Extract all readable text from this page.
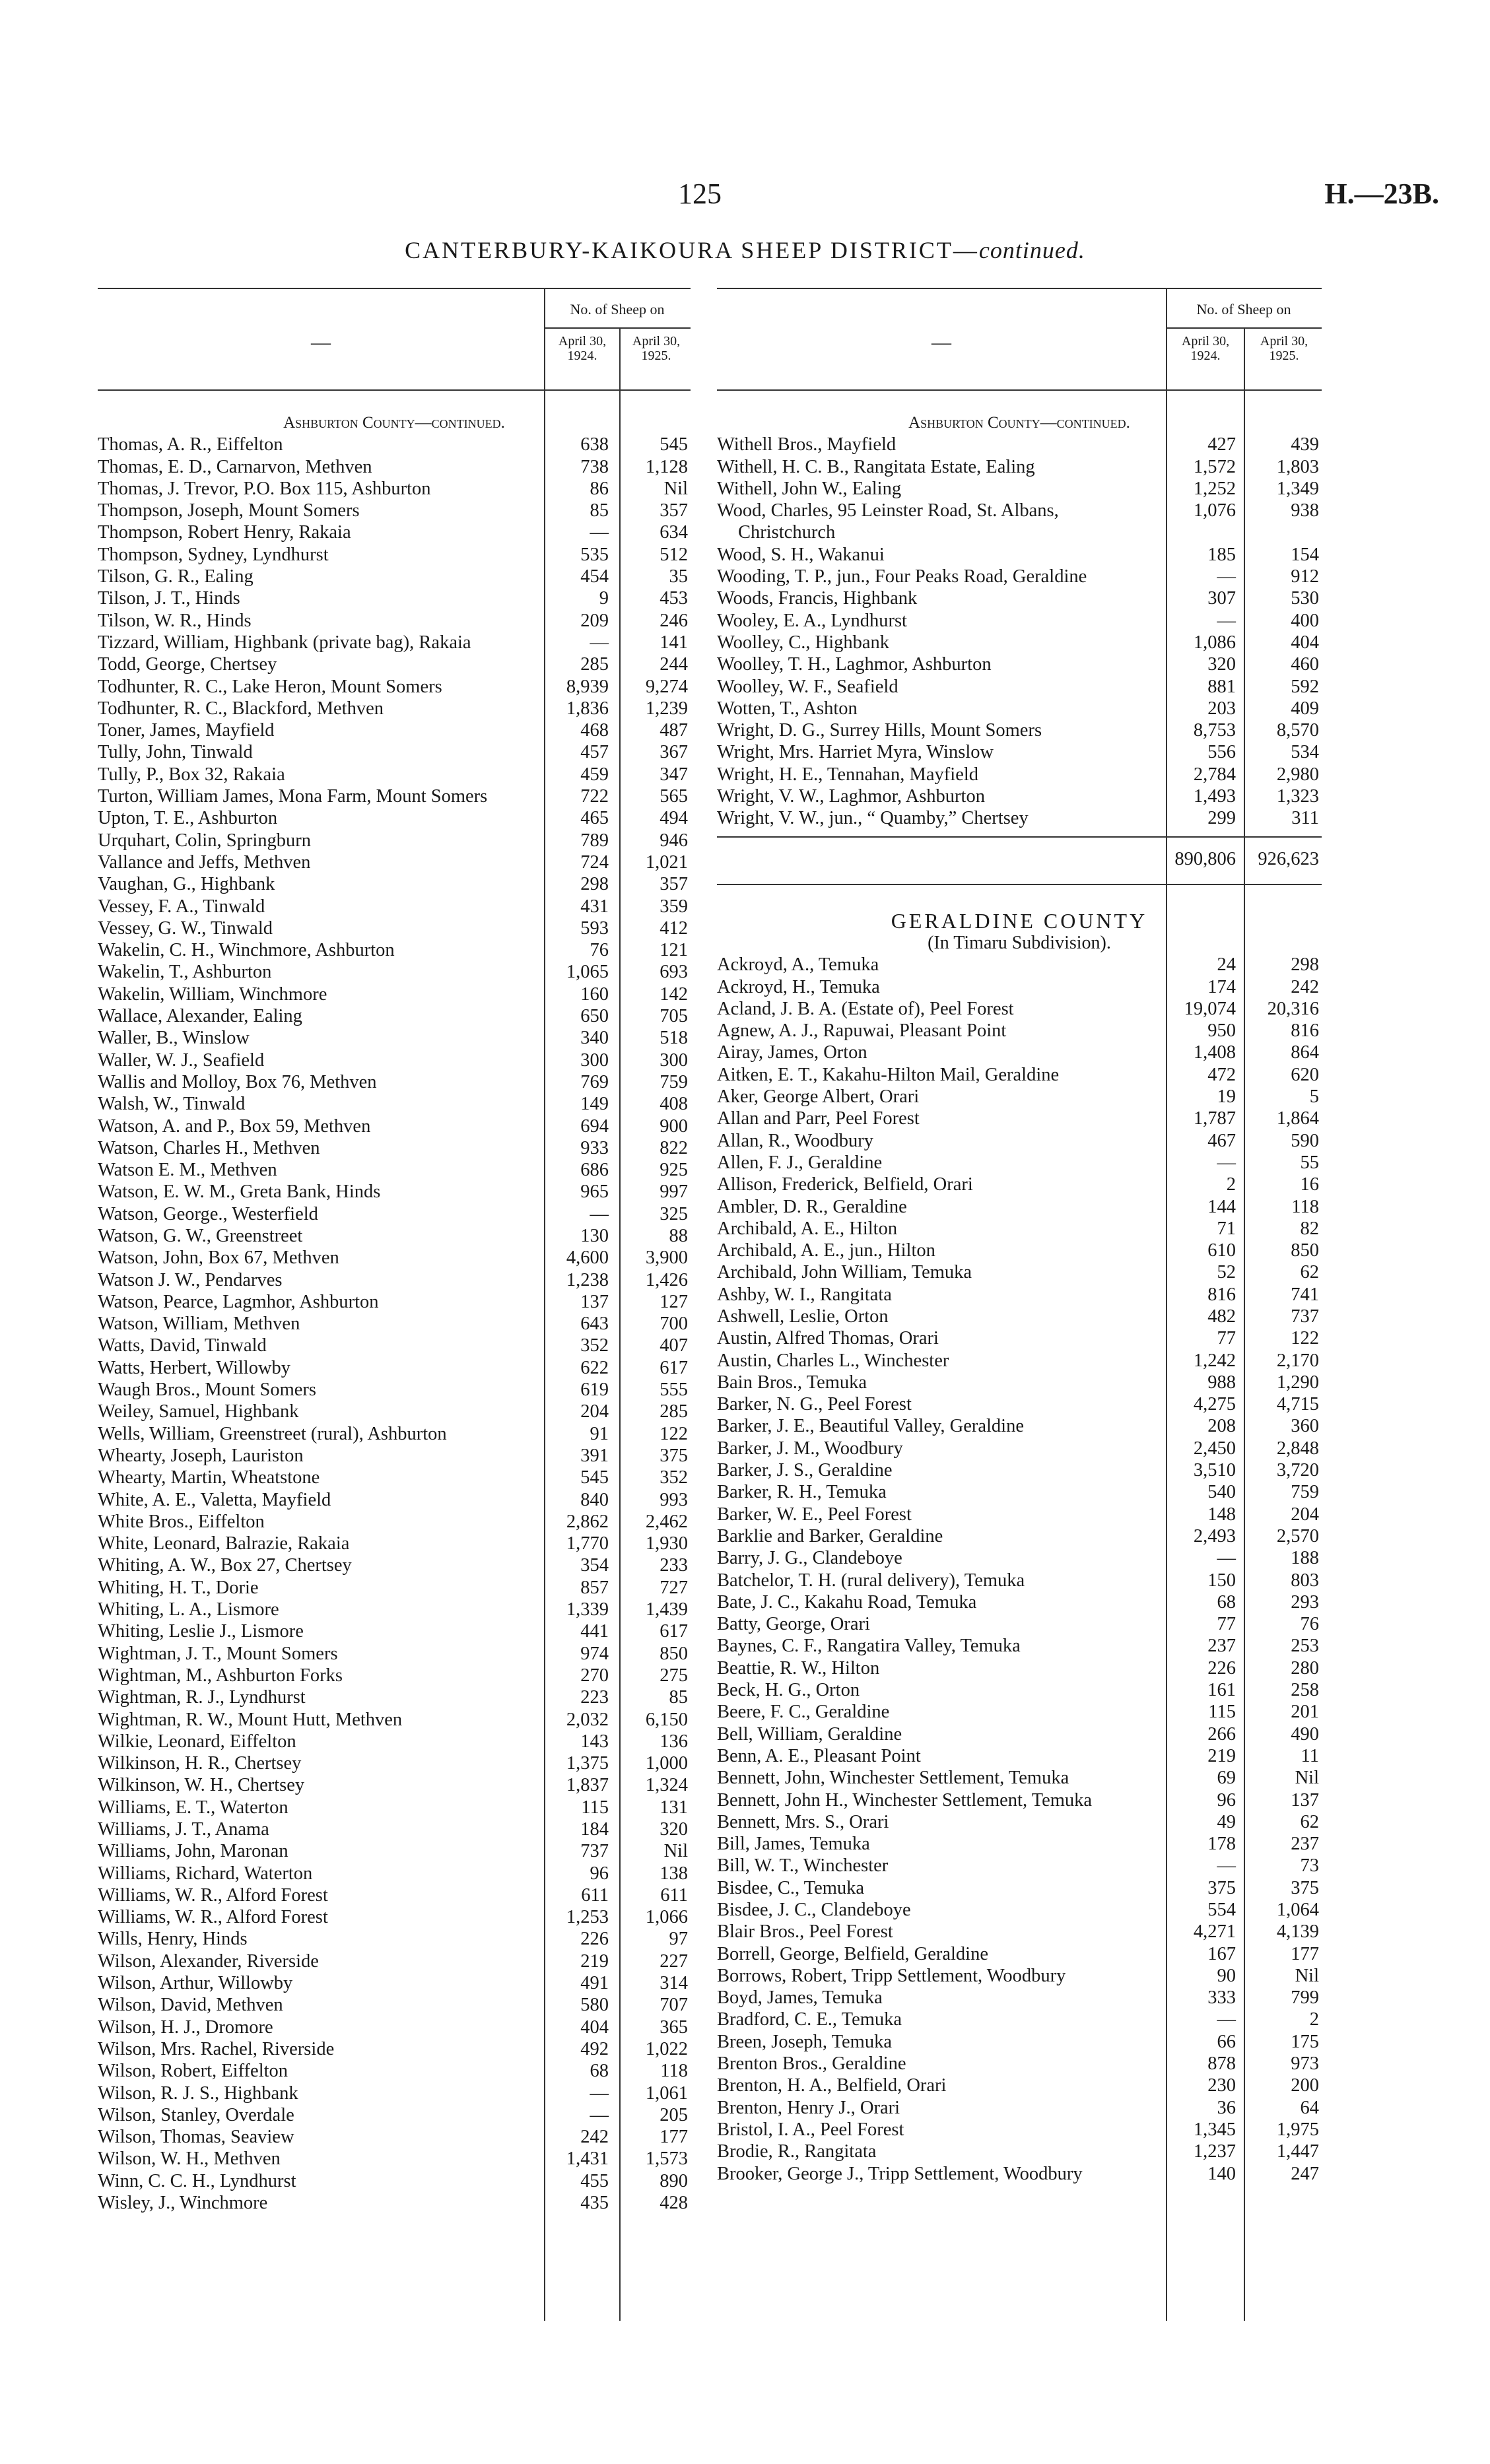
125	H.—23B.
CANTERBURY-KAIKOURA SHEEP DISTRICT—continued.
—
No. of Sheep on
April 30, 1924.
April 30, 1925.
Ashburton County—continued.
Thomas, A. R., Eiffelton	638	545
Thomas, E. D., Carnarvon, Methven	738	1,128
Thomas, J. Trevor, P.O. Box 115, Ashburton	86	Nil
Thompson, Joseph, Mount Somers	85	357
Thompson, Robert Henry, Rakaia	—	634
Thompson, Sydney, Lyndhurst	535	512
Tilson, G. R., Ealing	454	35
Tilson, J. T., Hinds	9	453
Tilson, W. R., Hinds	209	246
Tizzard, William, Highbank (private bag), Rakaia	—	141
Todd, George, Chertsey	285	244
Todhunter, R. C., Lake Heron, Mount Somers	8,939	9,274
Todhunter, R. C., Blackford, Methven	1,836	1,239
Toner, James, Mayfield	468	487
Tully, John, Tinwald	457	367
Tully, P., Box 32, Rakaia	459	347
Turton, William James, Mona Farm, Mount Somers	722	565
Upton, T. E., Ashburton	465	494
Urquhart, Colin, Springburn	789	946
Vallance and Jeffs, Methven	724	1,021
Vaughan, G., Highbank	298	357
Vessey, F. A., Tinwald	431	359
Vessey, G. W., Tinwald	593	412
Wakelin, C. H., Winchmore, Ashburton	76	121
Wakelin, T., Ashburton	1,065	693
Wakelin, William, Winchmore	160	142
Wallace, Alexander, Ealing	650	705
Waller, B., Winslow	340	518
Waller, W. J., Seafield	300	300
Wallis and Molloy, Box 76, Methven	769	759
Walsh, W., Tinwald	149	408
Watson, A. and P., Box 59, Methven	694	900
Watson, Charles H., Methven	933	822
Watson E. M., Methven	686	925
Watson, E. W. M., Greta Bank, Hinds	965	997
Watson, George., Westerfield	—	325
Watson, G. W., Greenstreet	130	88
Watson, John, Box 67, Methven	4,600	3,900
Watson J. W., Pendarves	1,238	1,426
Watson, Pearce, Lagmhor, Ashburton	137	127
Watson, William, Methven	643	700
Watts, David, Tinwald	352	407
Watts, Herbert, Willowby	622	617
Waugh Bros., Mount Somers	619	555
Weiley, Samuel, Highbank	204	285
Wells, William, Greenstreet (rural), Ashburton	91	122
Whearty, Joseph, Lauriston	391	375
Whearty, Martin, Wheatstone	545	352
White, A. E., Valetta, Mayfield	840	993
White Bros., Eiffelton	2,862	2,462
White, Leonard, Balrazie, Rakaia	1,770	1,930
Whiting, A. W., Box 27, Chertsey	354	233
Whiting, H. T., Dorie	857	727
Whiting, L. A., Lismore	1,339	1,439
Whiting, Leslie J., Lismore	441	617
Wightman, J. T., Mount Somers	974	850
Wightman, M., Ashburton Forks	270	275
Wightman, R. J., Lyndhurst	223	85
Wightman, R. W., Mount Hutt, Methven	2,032	6,150
Wilkie, Leonard, Eiffelton	143	136
Wilkinson, H. R., Chertsey	1,375	1,000
Wilkinson, W. H., Chertsey	1,837	1,324
Williams, E. T., Waterton	115	131
Williams, J. T., Anama	184	320
Williams, John, Maronan	737	Nil
Williams, Richard, Waterton	96	138
Williams, W. R., Alford Forest	611	611
Williams, W. R., Alford Forest	1,253	1,066
Wills, Henry, Hinds	226	97
Wilson, Alexander, Riverside	219	227
Wilson, Arthur, Willowby	491	314
Wilson, David, Methven	580	707
Wilson, H. J., Dromore	404	365
Wilson, Mrs. Rachel, Riverside	492	1,022
Wilson, Robert, Eiffelton	68	118
Wilson, R. J. S., Highbank	—	1,061
Wilson, Stanley, Overdale	—	205
Wilson, Thomas, Seaview	242	177
Wilson, W. H., Methven	1,431	1,573
Winn, C. C. H., Lyndhurst	455	890
Wisley, J., Winchmore	435	428
—
No. of Sheep on
April 30, 1924.
April 30, 1925.
Ashburton County—continued.
Withell Bros., Mayfield	427	439
Withell, H. C. B., Rangitata Estate, Ealing	1,572	1,803
Withell, John W., Ealing	1,252	1,349
Wood, Charles, 95 Leinster Road, St. Albans, Christchurch
1,076	938
Wood, S. H., Wakanui	185	154
Wooding, T. P., jun., Four Peaks Road, Geraldine	—	912
Woods, Francis, Highbank	307	530
Wooley, E. A., Lyndhurst	—	400
Woolley, C., Highbank	1,086	404
Woolley, T. H., Laghmor, Ashburton	320	460
Woolley, W. F., Seafield	881	592
Wotten, T., Ashton	203	409
Wright, D. G., Surrey Hills, Mount Somers	8,753	8,570
Wright, Mrs. Harriet Myra, Winslow	556	534
Wright, H. E., Tennahan, Mayfield	2,784	2,980
Wright, V. W., Laghmor, Ashburton	1,493	1,323
Wright, V. W., jun., “ Quamby,” Chertsey	299	311
890,806	926,623
GERALDINE COUNTY
(In Timaru Subdivision).
Ackroyd, A., Temuka	24	298
Ackroyd, H., Temuka	174	242
Acland, J. B. A. (Estate of), Peel Forest	19,074	20,316
Agnew, A. J., Rapuwai, Pleasant Point	950	816
Airay, James, Orton	1,408	864
Aitken, E. T., Kakahu-Hilton Mail, Geraldine	472	620
Aker, George Albert, Orari	19	5
Allan and Parr, Peel Forest	1,787	1,864
Allan, R., Woodbury	467	590
Allen, F. J., Geraldine	—	55
Allison, Frederick, Belfield, Orari	2	16
Ambler, D. R., Geraldine	144	118
Archibald, A. E., Hilton	71	82
Archibald, A. E., jun., Hilton	610	850
Archibald, John William, Temuka	52	62
Ashby, W. I., Rangitata	816	741
Ashwell, Leslie, Orton	482	737
Austin, Alfred Thomas, Orari	77	122
Austin, Charles L., Winchester	1,242	2,170
Bain Bros., Temuka	988	1,290
Barker, N. G., Peel Forest	4,275	4,715
Barker, J. E., Beautiful Valley, Geraldine	208	360
Barker, J. M., Woodbury	2,450	2,848
Barker, J. S., Geraldine	3,510	3,720
Barker, R. H., Temuka	540	759
Barker, W. E., Peel Forest	148	204
Barklie and Barker, Geraldine	2,493	2,570
Barry, J. G., Clandeboye	—	188
Batchelor, T. H. (rural delivery), Temuka	150	803
Bate, J. C., Kakahu Road, Temuka	68	293
Batty, George, Orari	77	76
Baynes, C. F., Rangatira Valley, Temuka	237	253
Beattie, R. W., Hilton	226	280
Beck, H. G., Orton	161	258
Beere, F. C., Geraldine	115	201
Bell, William, Geraldine	266	490
Benn, A. E., Pleasant Point	219	11
Bennett, John, Winchester Settlement, Temuka	69	Nil
Bennett, John H., Winchester Settlement, Temuka	96	137
Bennett, Mrs. S., Orari	49	62
Bill, James, Temuka	178	237
Bill, W. T., Winchester	—	73
Bisdee, C., Temuka	375	375
Bisdee, J. C., Clandeboye	554	1,064
Blair Bros., Peel Forest	4,271	4,139
Borrell, George, Belfield, Geraldine	167	177
Borrows, Robert, Tripp Settlement, Woodbury	90	Nil
Boyd, James, Temuka	333	799
Bradford, C. E., Temuka	—	2
Breen, Joseph, Temuka	66	175
Brenton Bros., Geraldine	878	973
Brenton, H. A., Belfield, Orari	230	200
Brenton, Henry J., Orari	36	64
Bristol, I. A., Peel Forest	1,345	1,975
Brodie, R., Rangitata	1,237	1,447
Brooker, George J., Tripp Settlement, Woodbury	140	247
